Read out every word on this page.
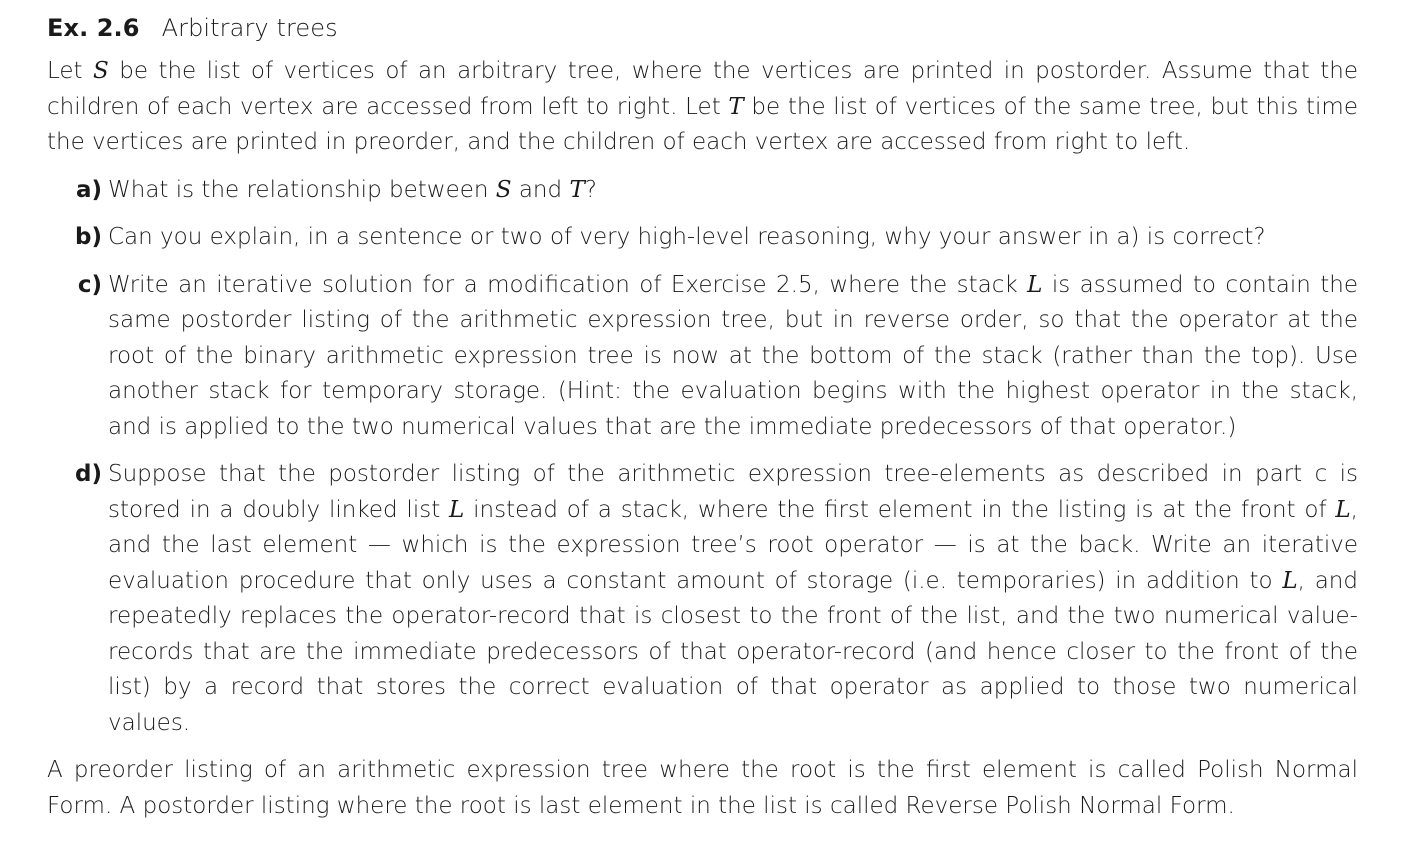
Ex. 2.6 Arbitrary trees

Let S be the list of vertices of an arbitrary tree, where the vertices are printed in postorder. Assume that the children of each vertex are accessed from left to right. Let T be the list of vertices of the same tree, but this time the vertices are printed in preorder, and the children of each vertex are accessed from right to left.

a) What is the relationship between S and T?
b) Can you explain, in a sentence or two of very high-level reasoning, why your answer in a) is correct?
c) Write an iterative solution for a modification of Exercise 2.5, where the stack L is assumed to contain the same postorder listing of the arithmetic expression tree, but in reverse order, so that the operator at the root of the binary arithmetic expression tree is now at the bottom of the stack (rather than the top). Use another stack for temporary storage. (Hint: the evaluation begins with the highest operator in the stack, and is applied to the two numerical values that are the immediate predecessors of that operator.)
d) Suppose that the postorder listing of the arithmetic expression tree-elements as described in part c is stored in a doubly linked list L instead of a stack, where the first element in the listing is at the front of L, and the last element — which is the expression tree’s root operator — is at the back. Write an iterative evaluation procedure that only uses a constant amount of storage (i.e. temporaries) in addition to L, and repeatedly replaces the operator-record that is closest to the front of the list, and the two numerical value-records that are the immediate predecessors of that operator-record (and hence closer to the front of the list) by a record that stores the correct evaluation of that operator as applied to those two numerical values.

A preorder listing of an arithmetic expression tree where the root is the first element is called Polish Normal Form. A postorder listing where the root is last element in the list is called Reverse Polish Normal Form.
